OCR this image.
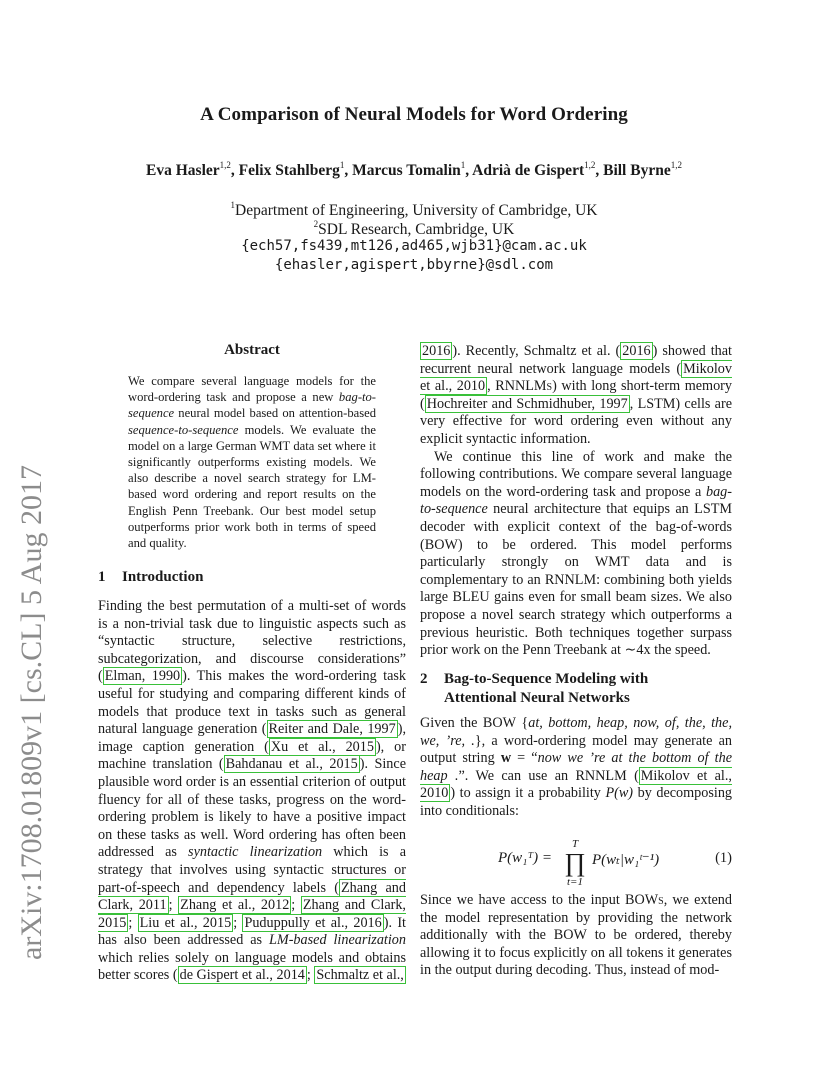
arXiv:1708.01809v1 [cs.CL] 5 Aug 2017
A Comparison of Neural Models for Word Ordering
Eva Hasler$^{1,2}$, Felix Stahlberg$^1$, Marcus Tomalin$^1$, Adrià de Gispert$^{1,2}$, Bill Byrne$^{1,2}$
$^1$Department of Engineering, University of Cambridge, UK
$^2$SDL Research, Cambridge, UK
{ech57,fs439,mt126,ad465,wjb31}@cam.ac.uk
{ehasler,agispert,bbyrne}@sdl.com
Abstract
We compare several language models for the word-ordering task and propose a new bag-to-sequence neural model based on attention-based sequence-to-sequence models. We evaluate the model on a large German WMT data set where it significantly outperforms existing models. We also describe a novel search strategy for LM-based word ordering and report results on the English Penn Treebank. Our best model setup outperforms prior work both in terms of speed and quality.
1 Introduction

Finding the best permutation of a multi-set of words is a non-trivial task due to linguistic aspects such as “syntactic structure, selective restrictions, subcategorization, and discourse considerations” ( Elman, 1990 ). This makes the word-ordering task useful for studying and comparing different kinds of models that produce text in tasks such as general natural language generation ( Reiter and Dale, 1997 ), image caption generation ( Xu et al., 2015 ), or machine translation ( Bahdanau et al., 2015 ). Since plausible word order is an essential criterion of output fluency for all of these tasks, progress on the word-ordering problem is likely to have a positive impact on these tasks as well. Word ordering has often been addressed as syntactic linearization which is a strategy that involves using syntactic structures or part-of-speech and dependency labels ( Zhang and Clark, 2011 ; Zhang et al., 2012 ; Zhang and Clark, 2015 ; Liu et al., 2015 ; Puduppully et al., 2016 ). It has also been addressed as LM-based linearization which relies solely on language models and obtains better scores ( de Gispert et al., 2014 ; Schmaltz et al.,

2016 ). Recently, Schmaltz et al. ( 2016 ) showed that recurrent neural network language models ( Mikolov et al., 2010 , RNNLMs) with long short-term memory ( Hochreiter and Schmidhuber, 1997 , LSTM) cells are very effective for word ordering even without any explicit syntactic information.

We continue this line of work and make the following contributions. We compare several language models on the word-ordering task and propose a bag-to-sequence neural architecture that equips an LSTM decoder with explicit context of the bag-of-words (BOW) to be ordered. This model performs particularly strongly on WMT data and is complementary to an RNNLM: combining both yields large BLEU gains even for small beam sizes. We also propose a novel search strategy which outperforms a previous heuristic. Both techniques together surpass prior work on the Penn Treebank at ∼4x the speed.

2 Bag-to-Sequence Modeling with
Attentional Neural Networks

Given the BOW {at, bottom, heap, now, of, the, the, we, ’re, .}, a word-ordering model may generate an output string w = “now we ’re at the bottom of the heap .”. We can use an RNNLM ( Mikolov et al., 2010 ) to assign it a probability P(w) by decomposing into conditionals:

P(w₁ᵀ) =
T
∏
t=1
P(wₜ|w₁ᵗ⁻¹)	(1)

Since we have access to the input BOWs, we extend the model representation by providing the network additionally with the BOW to be ordered, thereby allowing it to focus explicitly on all tokens it generates in the output during decoding. Thus, instead of mod-
